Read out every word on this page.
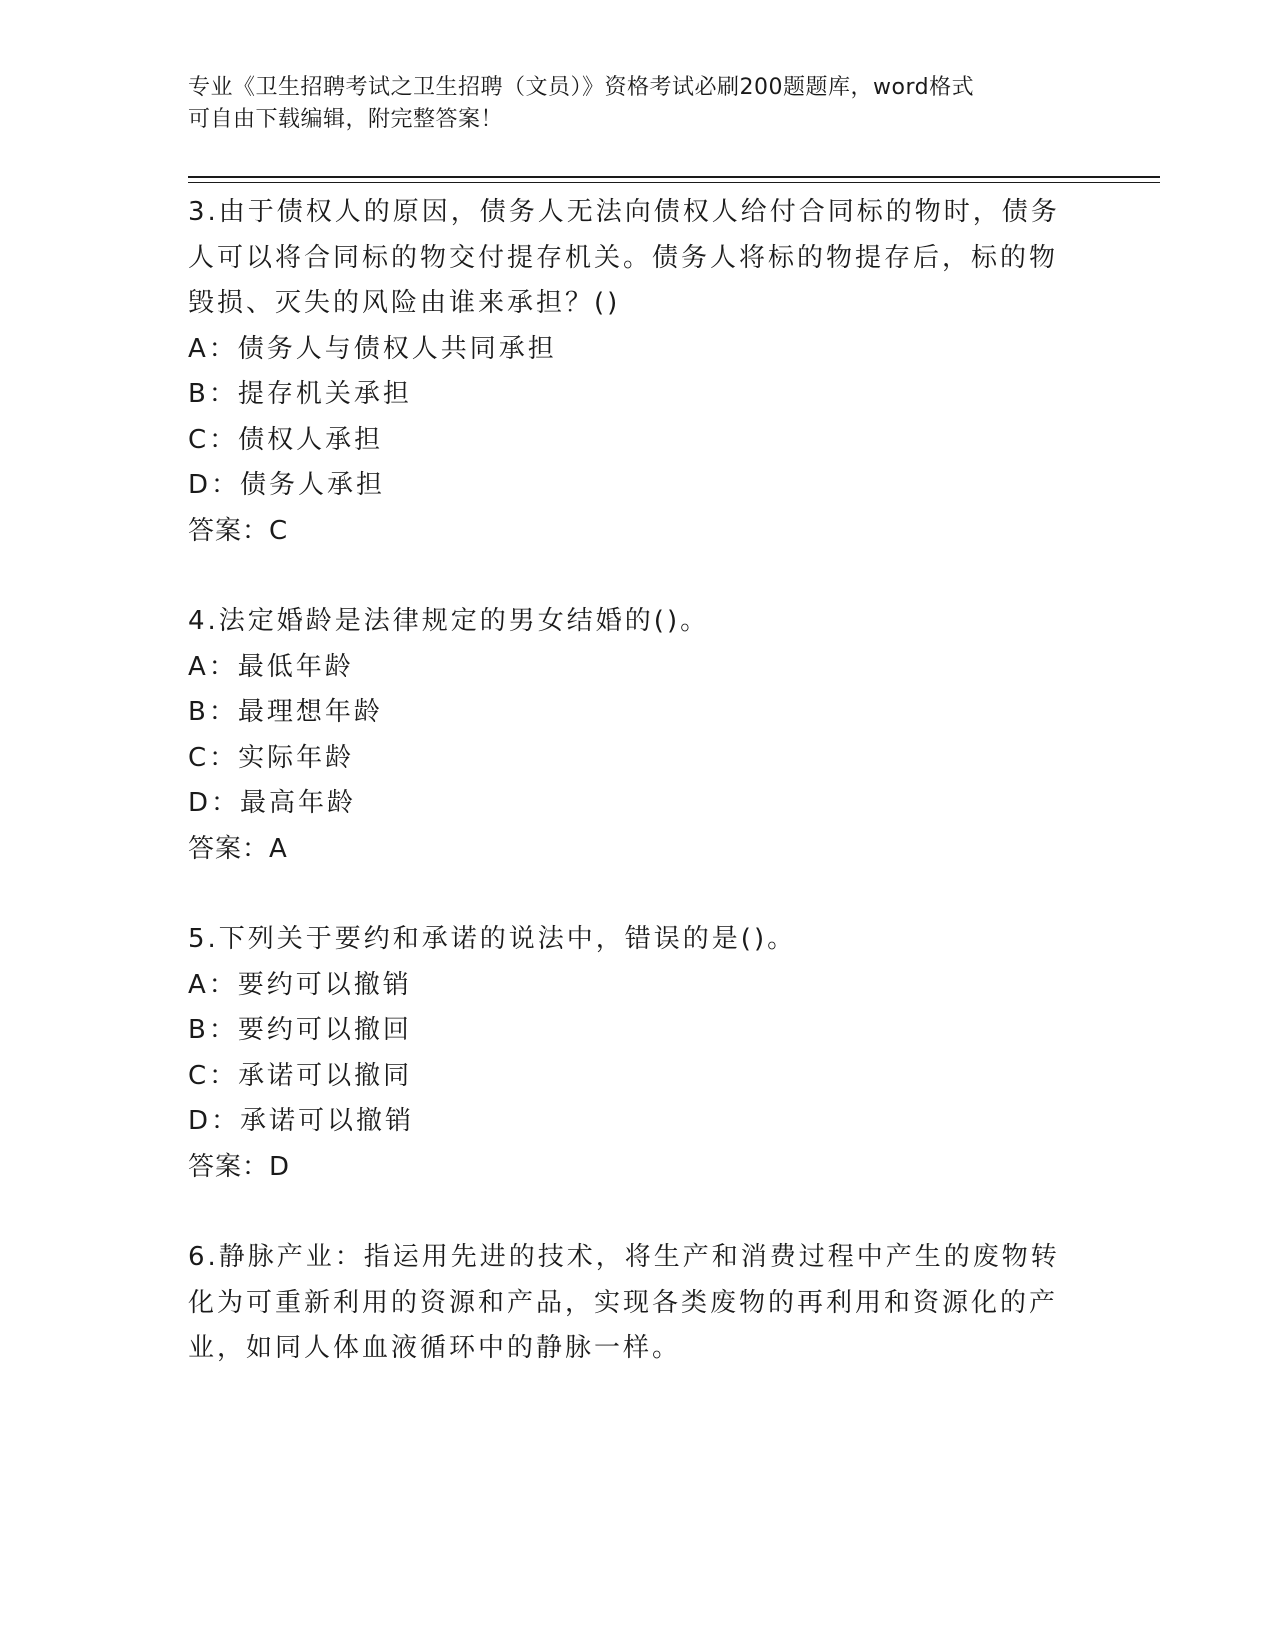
专业《卫生招聘考试之卫生招聘（文员）》资格考试必刷200题题库，word格式
可自由下载编辑，附完整答案！
3.由于债权人的原因，债务人无法向债权人给付合同标的物时，债务
人可以将合同标的物交付提存机关。债务人将标的物提存后，标的物
毁损、灭失的风险由谁来承担？()
A：债务人与债权人共同承担
B：提存机关承担
C：债权人承担
D：债务人承担
答案：C
4.法定婚龄是法律规定的男女结婚的()。
A：最低年龄
B：最理想年龄
C：实际年龄
D：最高年龄
答案：A
5.下列关于要约和承诺的说法中，错误的是()。
A：要约可以撤销
B：要约可以撤回
C：承诺可以撤同
D：承诺可以撤销
答案：D
6.静脉产业：指运用先进的技术，将生产和消费过程中产生的废物转
化为可重新利用的资源和产品，实现各类废物的再利用和资源化的产
业，如同人体血液循环中的静脉一样。
